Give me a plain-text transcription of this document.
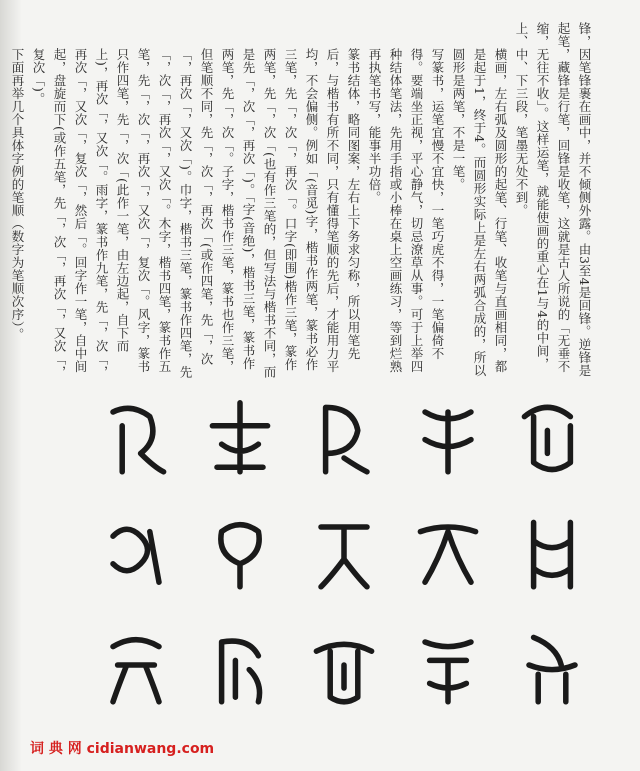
锋，因笔锋裹在画中，并不倾侧外露。由3至4是回锋。逆锋是起笔，藏锋是行笔，回锋是收笔，这就是古人所说的「无垂不缩，无往不收」。这样运笔，就能使画的重心在1与4的中间，上、中、下三段，笔墨无处不到。

横画，左右弧及圆形的起笔、行笔、收笔与直画相同，都是起于1，终于4。而圆形实际上是左右两弧合成的，所以圆形是两笔，不是一笔。

写篆书，运笔宜慢不宜快，一笔巧虎不得，一笔偏倚不得。要端坐正视，平心静气，切忌潦草从事。可于上举四种结体笔法，先用手指或小棒在桌上空画练习，等到烂熟再执笔书写，能事半功倍。

篆书结体，略同图案，左右上下务求匀称，所以用笔先后，与楷书有所不同，只有懂得笔顺的先后，才能用力平均，不会偏侧。例如「(音觅)字，楷书作两笔，篆书必作三笔，先「，次「，再次「。口字(即围)楷作三笔，篆作两笔，先「，次「(也有作三笔的，但写法与楷书不同，而是先「，次「，再次「)。「字(音绝)，楷书三笔，篆书作两笔，先「，次「。子字，楷书作三笔，篆书也作三笔，但笔顺不同，先「，次「，再次「(或作四笔，先「，次「，再次「，又次「)。巾字，楷书三笔，篆书作四笔，先「，次「，再次「，又次「。木字，楷书四笔，篆书作五笔，先「，次「，再次「，又次「，复次「。风字，篆书只作四笔，先「，次「(此作一笔，由左边起，自下而上)，再次「，又次「。雨字，篆书作九笔，先「，次「，再次「，又次「，复次「，然后「。回字作一笔，自中间起，盘旋而下(或作五笔，先「，次「，再次「，又次「，复次「)。

下面再举几个具体字例的笔顺（数字为笔顺次序）。

词 典 网 cidianwang.com
